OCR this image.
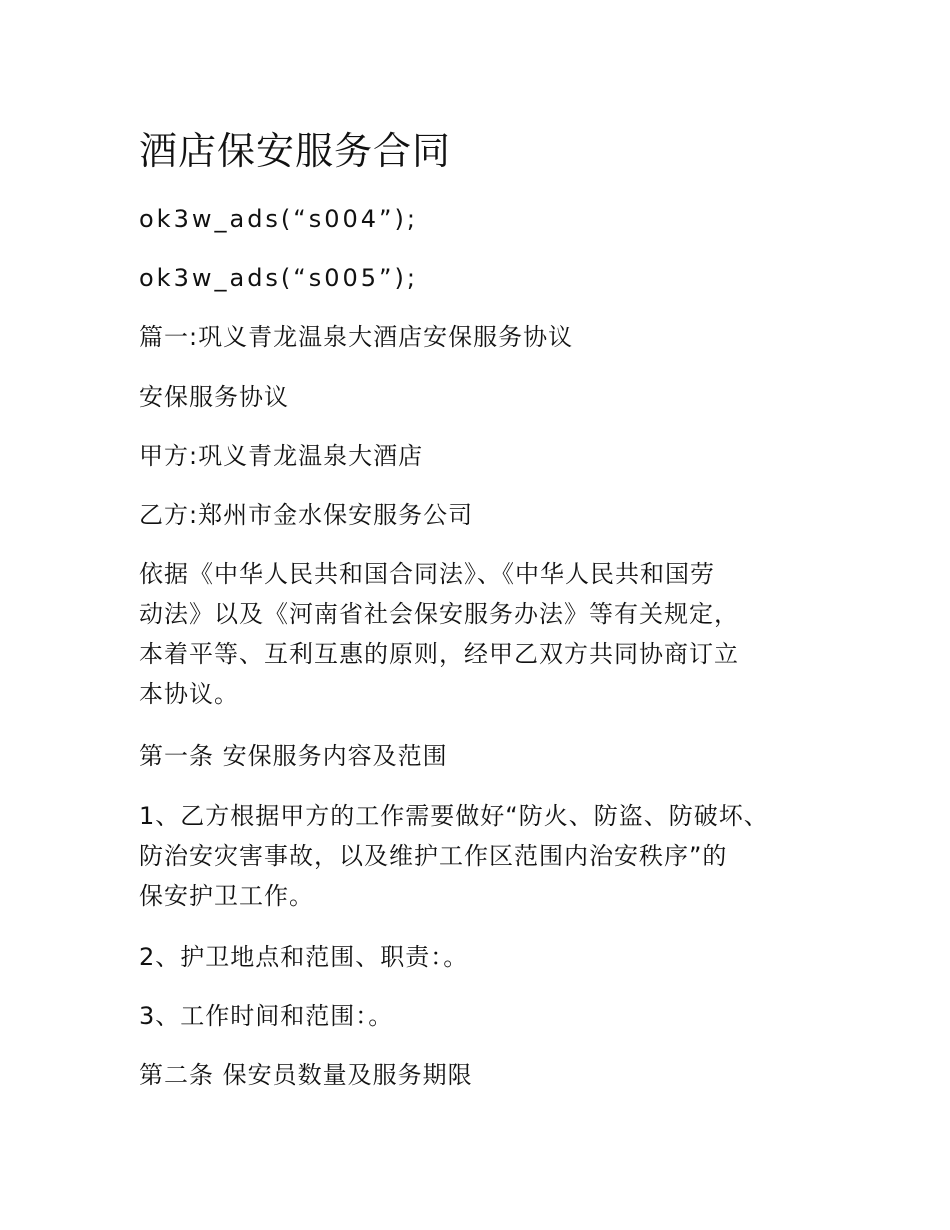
酒店保安服务合同

ok3w_ads(“s004”);

ok3w_ads(“s005”);

篇一:巩义青龙温泉大酒店安保服务协议

安保服务协议

甲方:巩义青龙温泉大酒店

乙方:郑州市金水保安服务公司

依据《中华人民共和国合同法》、《中华人民共和国劳
动法》以及《河南省社会保安服务办法》等有关规定，
本着平等、互利互惠的原则，经甲乙双方共同协商订立
本协议。

第一条 安保服务内容及范围

1、乙方根据甲方的工作需要做好“防火、防盗、防破坏、
防治安灾害事故，以及维护工作区范围内治安秩序”的
保安护卫工作。

2、护卫地点和范围、职责：。

3、工作时间和范围：。

第二条 保安员数量及服务期限
